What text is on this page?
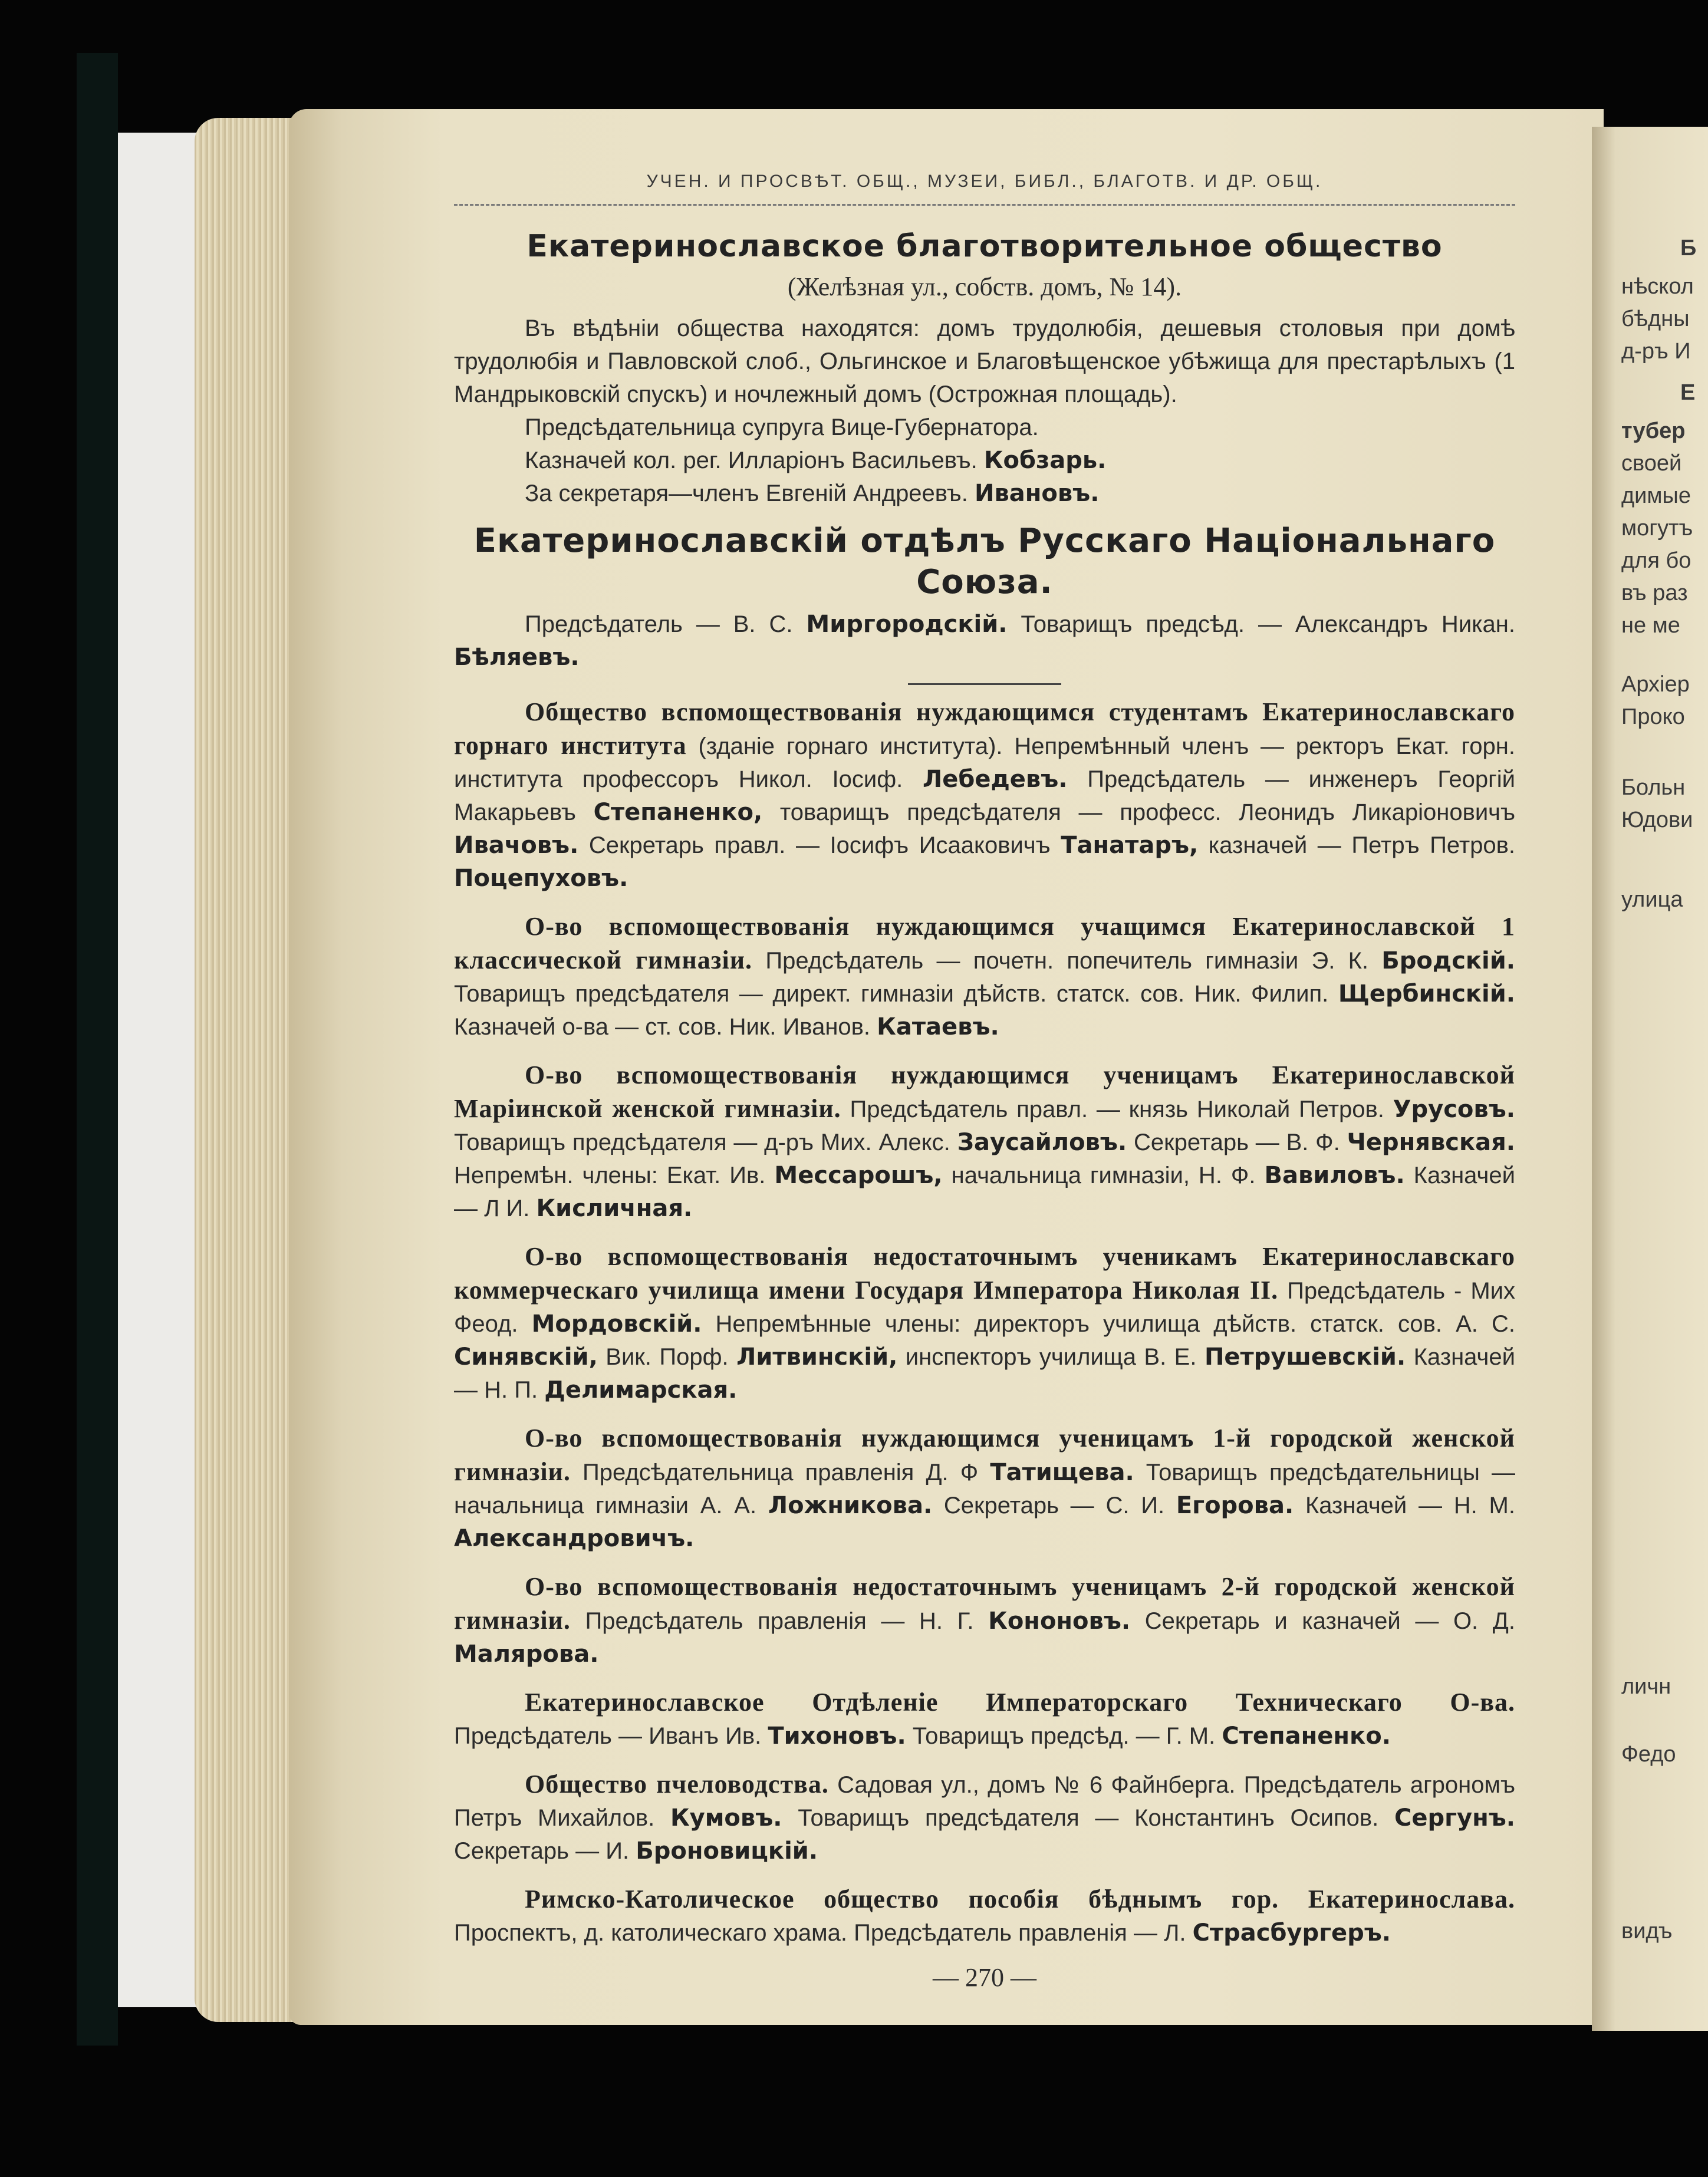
Б
нѣскол
бѣдны
д-ръ И
Е
тубер
своей
димые
могутъ
для бо
въ раз
не ме
Архіер
Проко
Больн
Юдови
улица
личн
Федо
видъ
УЧЕН. И ПРОСВѢТ. ОБЩ., МУЗЕИ, БИБЛ., БЛАГОТВ. И ДР. ОБЩ.
Екатеринославское благотворительное общество
(Желѣзная ул., собств. домъ, № 14).

Въ вѣдѣніи общества находятся: домъ трудолюбія, дешевыя столовыя при домѣ трудолюбія и Павловской слоб., Ольгинское и Благовѣщенское убѣжища для престарѣлыхъ (1 Мандрыковскій спускъ) и ночлежный домъ (Острожная площадь).

Предсѣдательница супруга Вице-Губернатора.
Казначей кол. рег. Илларіонъ Васильевъ. Кобзарь.
За секретаря—членъ Евгеній Андреевъ. Ивановъ.
Екатеринославскій отдѣлъ Русскаго Національнаго Союза.

Предсѣдатель — В. С. Миргородскій. Товарищъ предсѣд. — Александръ Никан. Бѣляевъ.

Общество вспомоществованія нуждающимся студентамъ Екатеринославскаго горнаго института (зданіе горнаго института). Непремѣнный членъ — ректоръ Екат. горн. института профессоръ Никол. Іосиф. Лебедевъ. Предсѣдатель — инженеръ Георгій Макарьевъ Степаненко, товарищъ предсѣдателя — професс. Леонидъ Ликаріоновичъ Ивачовъ. Секретарь правл. — Іосифъ Исааковичъ Танатаръ, казначей — Петръ Петров. Поцепуховъ.

О-во вспомоществованія нуждающимся учащимся Екатеринославской 1 классической гимназіи. Предсѣдатель — почетн. попечитель гимназіи Э. К. Бродскій. Товарищъ предсѣдателя — директ. гимназіи дѣйств. статск. сов. Ник. Филип. Щербинскій. Казначей о-ва — ст. сов. Ник. Иванов. Катаевъ.

О-во вспомоществованія нуждающимся ученицамъ Екатеринославской Маріинской женской гимназіи. Предсѣдатель правл. — князь Николай Петров. Урусовъ. Товарищъ предсѣдателя — д-ръ Мих. Алекс. Заусайловъ. Секретарь — В. Ф. Чернявская. Непремѣн. члены: Екат. Ив. Мессарошъ, начальница гимназіи, Н. Ф. Вавиловъ. Казначей — Л И. Кисличная.

О-во вспомоществованія недостаточнымъ ученикамъ Екатеринославскаго коммерческаго училища имени Государя Императора Николая II. Предсѣдатель - Мих Феод. Мордовскій. Непремѣнные члены: директоръ училища дѣйств. статск. сов. А. С. Синявскій, Вик. Порф. Литвинскій, инспекторъ училища В. Е. Петрушевскій. Казначей — Н. П. Делимарская.

О-во вспомоществованія нуждающимся ученицамъ 1-й городской женской гимназіи. Предсѣдательница правленія Д. Ф Татищева. Товарищъ предсѣдательницы — начальница гимназіи А. А. Ложникова. Секретарь — С. И. Егорова. Казначей — Н. М. Александровичъ.

О-во вспомоществованія недостаточнымъ ученицамъ 2-й городской женской гимназіи. Предсѣдатель правленія — Н. Г. Кононовъ. Секретарь и казначей — О. Д. Малярова.

Екатеринославское Отдѣленіе Императорскаго Техническаго О-ва. Предсѣдатель — Иванъ Ив. Тихоновъ. Товарищъ предсѣд. — Г. М. Степаненко.

Общество пчеловодства. Садовая ул., домъ № 6 Файнберга. Предсѣдатель агрономъ Петръ Михайлов. Кумовъ. Товарищъ предсѣдателя — Константинъ Осипов. Сергунъ. Секретарь — И. Броновицкій.

Римско-Католическое общество пособія бѣднымъ гор. Екатеринослава. Проспектъ, д. католическаго храма. Предсѣдатель правленія — Л. Страсбургеръ.

— 270 —
